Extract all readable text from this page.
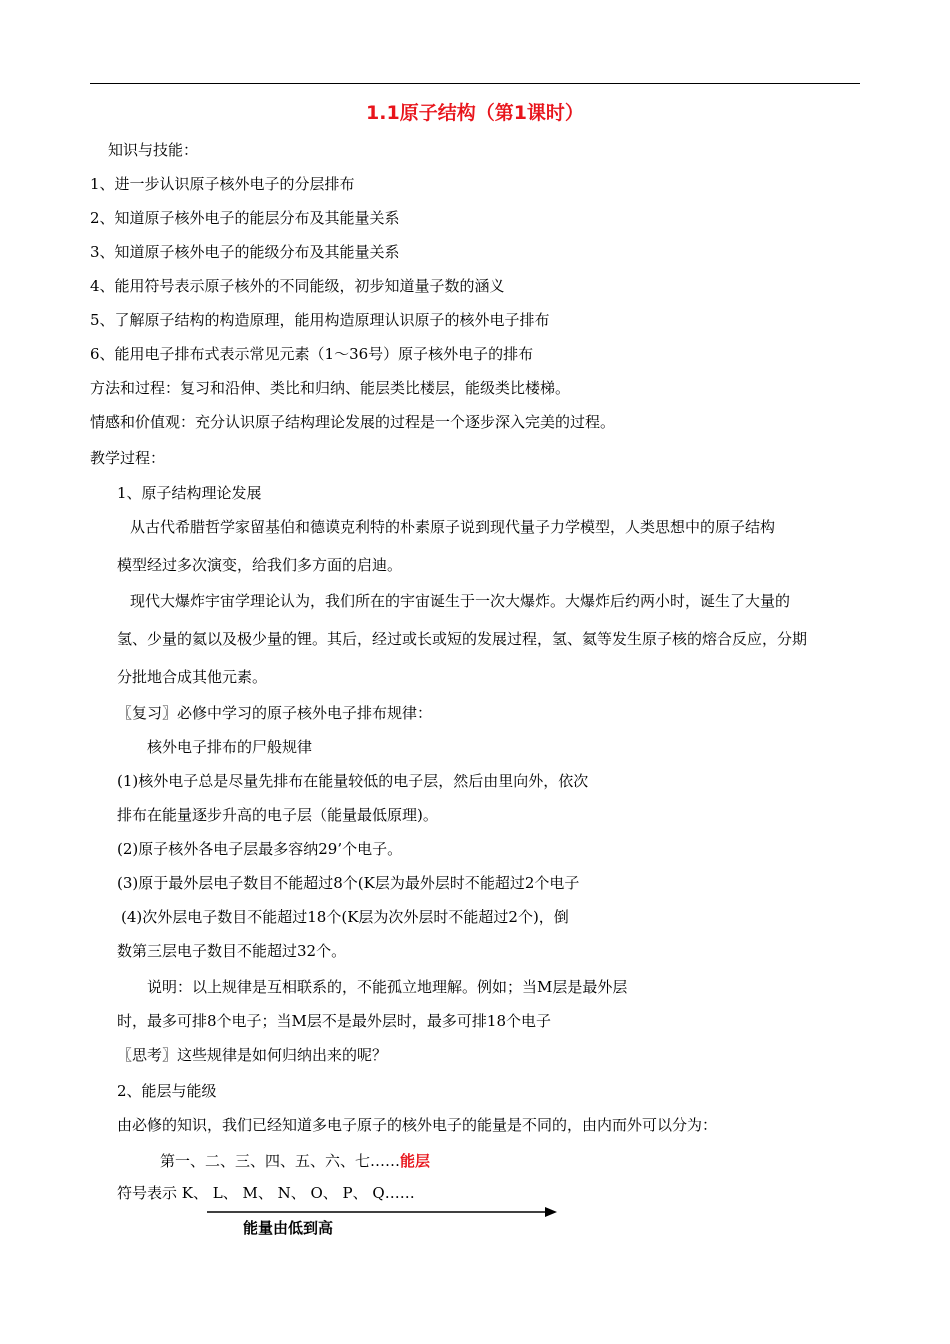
1.1原子结构（第1课时）
知识与技能：
1、进一步认识原子核外电子的分层排布
2、知道原子核外电子的能层分布及其能量关系
3、知道原子核外电子的能级分布及其能量关系
4、能用符号表示原子核外的不同能级，初步知道量子数的涵义
5、了解原子结构的构造原理，能用构造原理认识原子的核外电子排布
6、能用电子排布式表示常见元素（1～36号）原子核外电子的排布
方法和过程：复习和沿伸、类比和归纳、能层类比楼层，能级类比楼梯。
情感和价值观：充分认识原子结构理论发展的过程是一个逐步深入完美的过程。
教学过程：
1、原子结构理论发展
从古代希腊哲学家留基伯和德谟克利特的朴素原子说到现代量子力学模型，人类思想中的原子结构
模型经过多次演变，给我们多方面的启迪。
现代大爆炸宇宙学理论认为，我们所在的宇宙诞生于一次大爆炸。大爆炸后约两小时，诞生了大量的
氢、少量的氦以及极少量的锂。其后，经过或长或短的发展过程，氢、氦等发生原子核的熔合反应，分期
分批地合成其他元素。
〖复习〗必修中学习的原子核外电子排布规律：
核外电子排布的尸般规律
(1)核外电子总是尽量先排布在能量较低的电子层，然后由里向外，依次
排布在能量逐步升高的电子层（能量最低原理)。
(2)原子核外各电子层最多容纳29’个电子。
(3)原于最外层电子数目不能超过8个(K层为最外层时不能超过2个电子
(4)次外层电子数目不能超过18个(K层为次外层时不能超过2个)，倒
数第三层电子数目不能超过32个。
说明：以上规律是互相联系的，不能孤立地理解。例如；当M层是最外层
时，最多可排8个电子；当M层不是最外层时，最多可排18个电子
〖思考〗这些规律是如何归纳出来的呢？
2、能层与能级
由必修的知识，我们已经知道多电子原子的核外电子的能量是不同的，由内而外可以分为：
第一、二、三、四、五、六、七……能层
符号表示 K、 L、 M、 N、 O、 P、 Q……
能量由低到高
